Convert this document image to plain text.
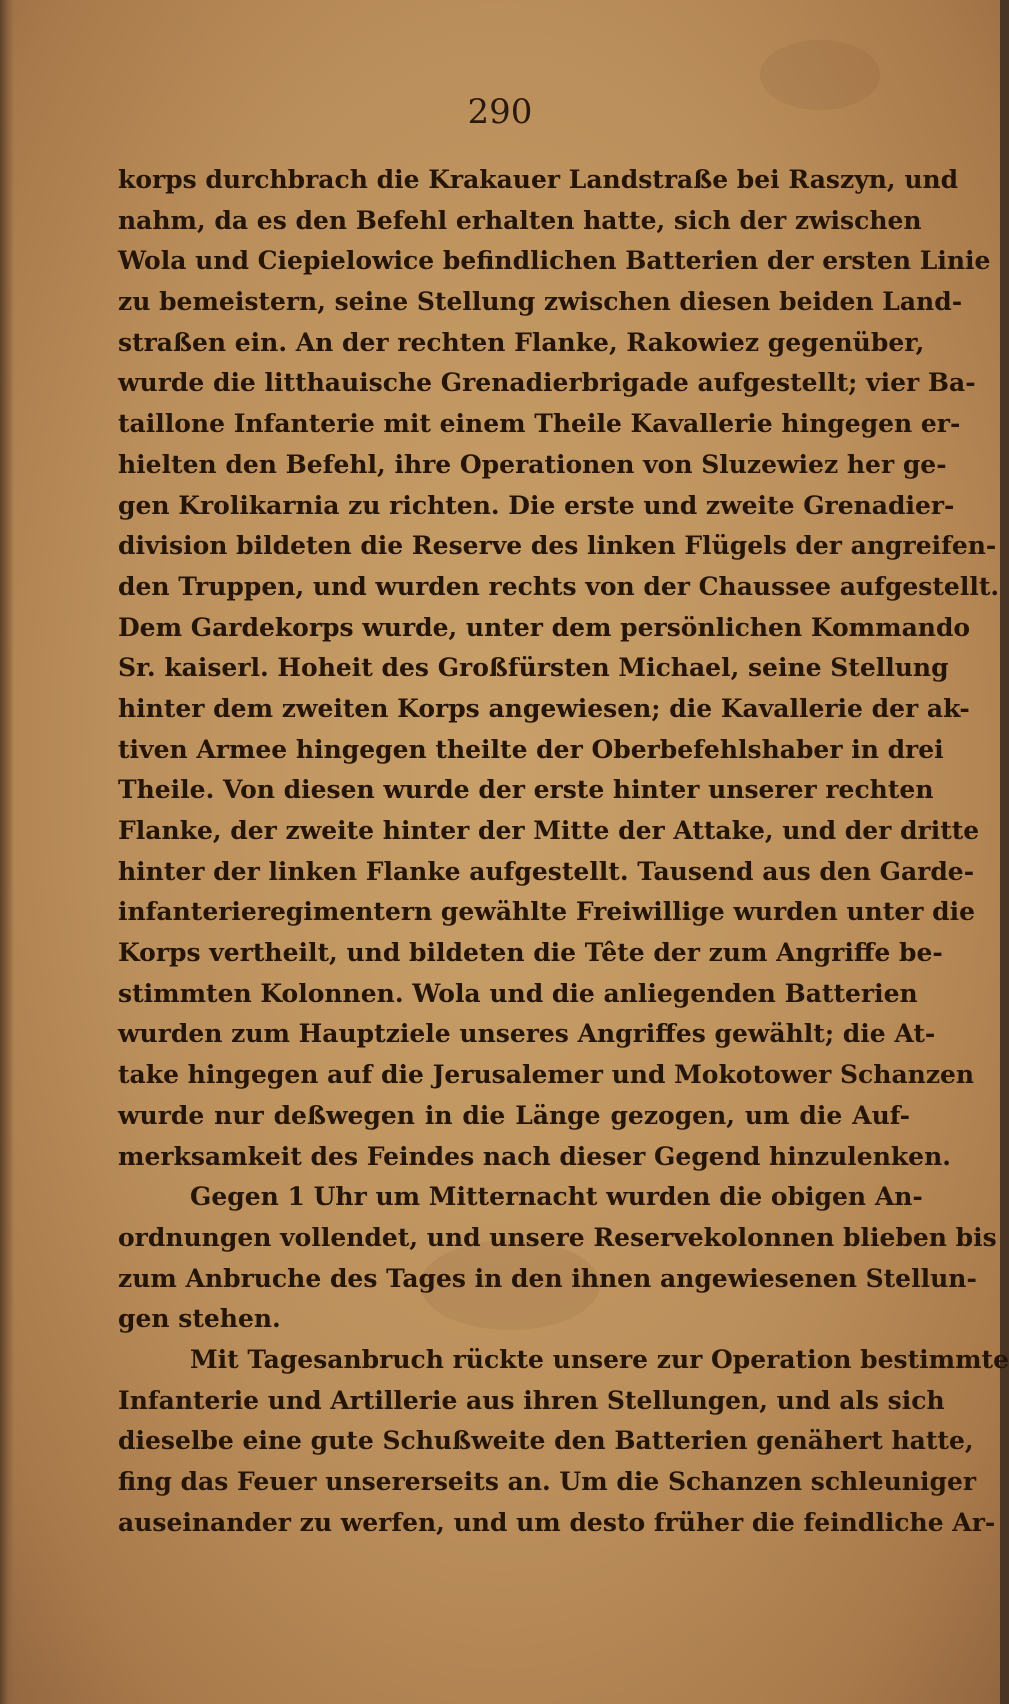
290

korps durchbrach die Krakauer Landstraße bei Raszyn, und
nahm, da es den Befehl erhalten hatte, sich der zwischen
Wola und Ciepielowice befindlichen Batterien der ersten Linie
zu bemeistern, seine Stellung zwischen diesen beiden Land-
straßen ein. An der rechten Flanke, Rakowiez gegenüber,
wurde die litthauische Grenadierbrigade aufgestellt; vier Ba-
taillone Infanterie mit einem Theile Kavallerie hingegen er-
hielten den Befehl, ihre Operationen von Sluzewiez her ge-
gen Krolikarnia zu richten. Die erste und zweite Grenadier-
division bildeten die Reserve des linken Flügels der angreifen-
den Truppen, und wurden rechts von der Chaussee aufgestellt.
Dem Gardekorps wurde, unter dem persönlichen Kommando
Sr. kaiserl. Hoheit des Großfürsten Michael, seine Stellung
hinter dem zweiten Korps angewiesen; die Kavallerie der ak-
tiven Armee hingegen theilte der Oberbefehlshaber in drei
Theile. Von diesen wurde der erste hinter unserer rechten
Flanke, der zweite hinter der Mitte der Attake, und der dritte
hinter der linken Flanke aufgestellt. Tausend aus den Garde-
infanterieregimentern gewählte Freiwillige wurden unter die
Korps vertheilt, und bildeten die Tête der zum Angriffe be-
stimmten Kolonnen. Wola und die anliegenden Batterien
wurden zum Hauptziele unseres Angriffes gewählt; die At-
take hingegen auf die Jerusalemer und Mokotower Schanzen
wurde nur deßwegen in die Länge gezogen, um die Auf-
merksamkeit des Feindes nach dieser Gegend hinzulenken.
Gegen 1 Uhr um Mitternacht wurden die obigen An-
ordnungen vollendet, und unsere Reservekolonnen blieben bis
zum Anbruche des Tages in den ihnen angewiesenen Stellun-
gen stehen.
Mit Tagesanbruch rückte unsere zur Operation bestimmte
Infanterie und Artillerie aus ihren Stellungen, und als sich
dieselbe eine gute Schußweite den Batterien genähert hatte,
fing das Feuer unsererseits an. Um die Schanzen schleuniger
auseinander zu werfen, und um desto früher die feindliche Ar-
